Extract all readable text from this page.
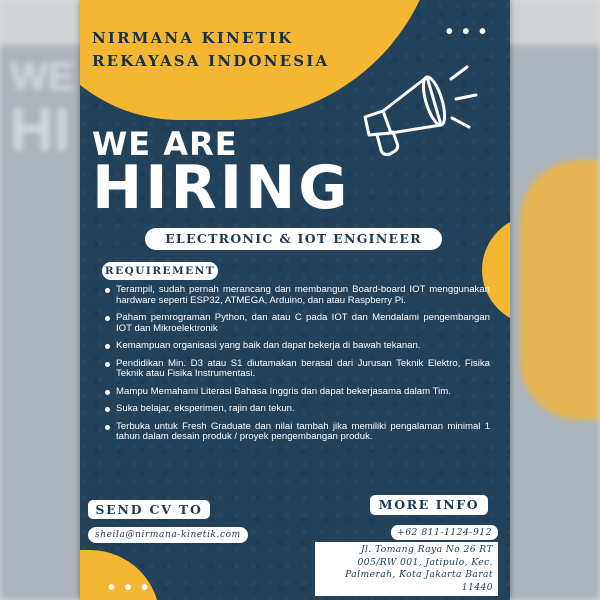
WE
HI
NIRMANA KINETIK
REKAYASA INDONESIA
• • •
WE ARE
HIRING
ELECTRONIC & IOT ENGINEER
REQUIREMENT
Terampil, sudah pernah merancang dan membangun Board-board IOT menggunakan hardware seperti ESP32, ATMEGA, Arduino, dan atau Raspberry Pi.
Paham pemrograman Python, dan atau C pada IOT dan Mendalami pengembangan IOT dan Mikroelektronik
Kemampuan organisasi yang baik dan dapat bekerja di bawah tekanan.
Pendidikan Min. D3 atau S1 diutamakan berasal dari Jurusan Teknik Elektro, Fisika Teknik atau Fisika Instrumentasi.
Mampu Memahami Literasi Bahasa Inggris dan dapat bekerjasama dalam Tim.
Suka belajar, eksperimen, rajin dan tekun.
Terbuka untuk Fresh Graduate dan nilai tambah jika memiliki pengalaman minimal 1 tahun dalam desain produk / proyek pengembangan produk.
SEND CV TO
sheila@nirmana-kinetik.com
MORE INFO
+62 811-1124-912
Jl. Tomang Raya No 26 RT
005/RW 001, Jatipulo, Kec.
Palmerah, Kota Jakarta Barat
11440
• • •
